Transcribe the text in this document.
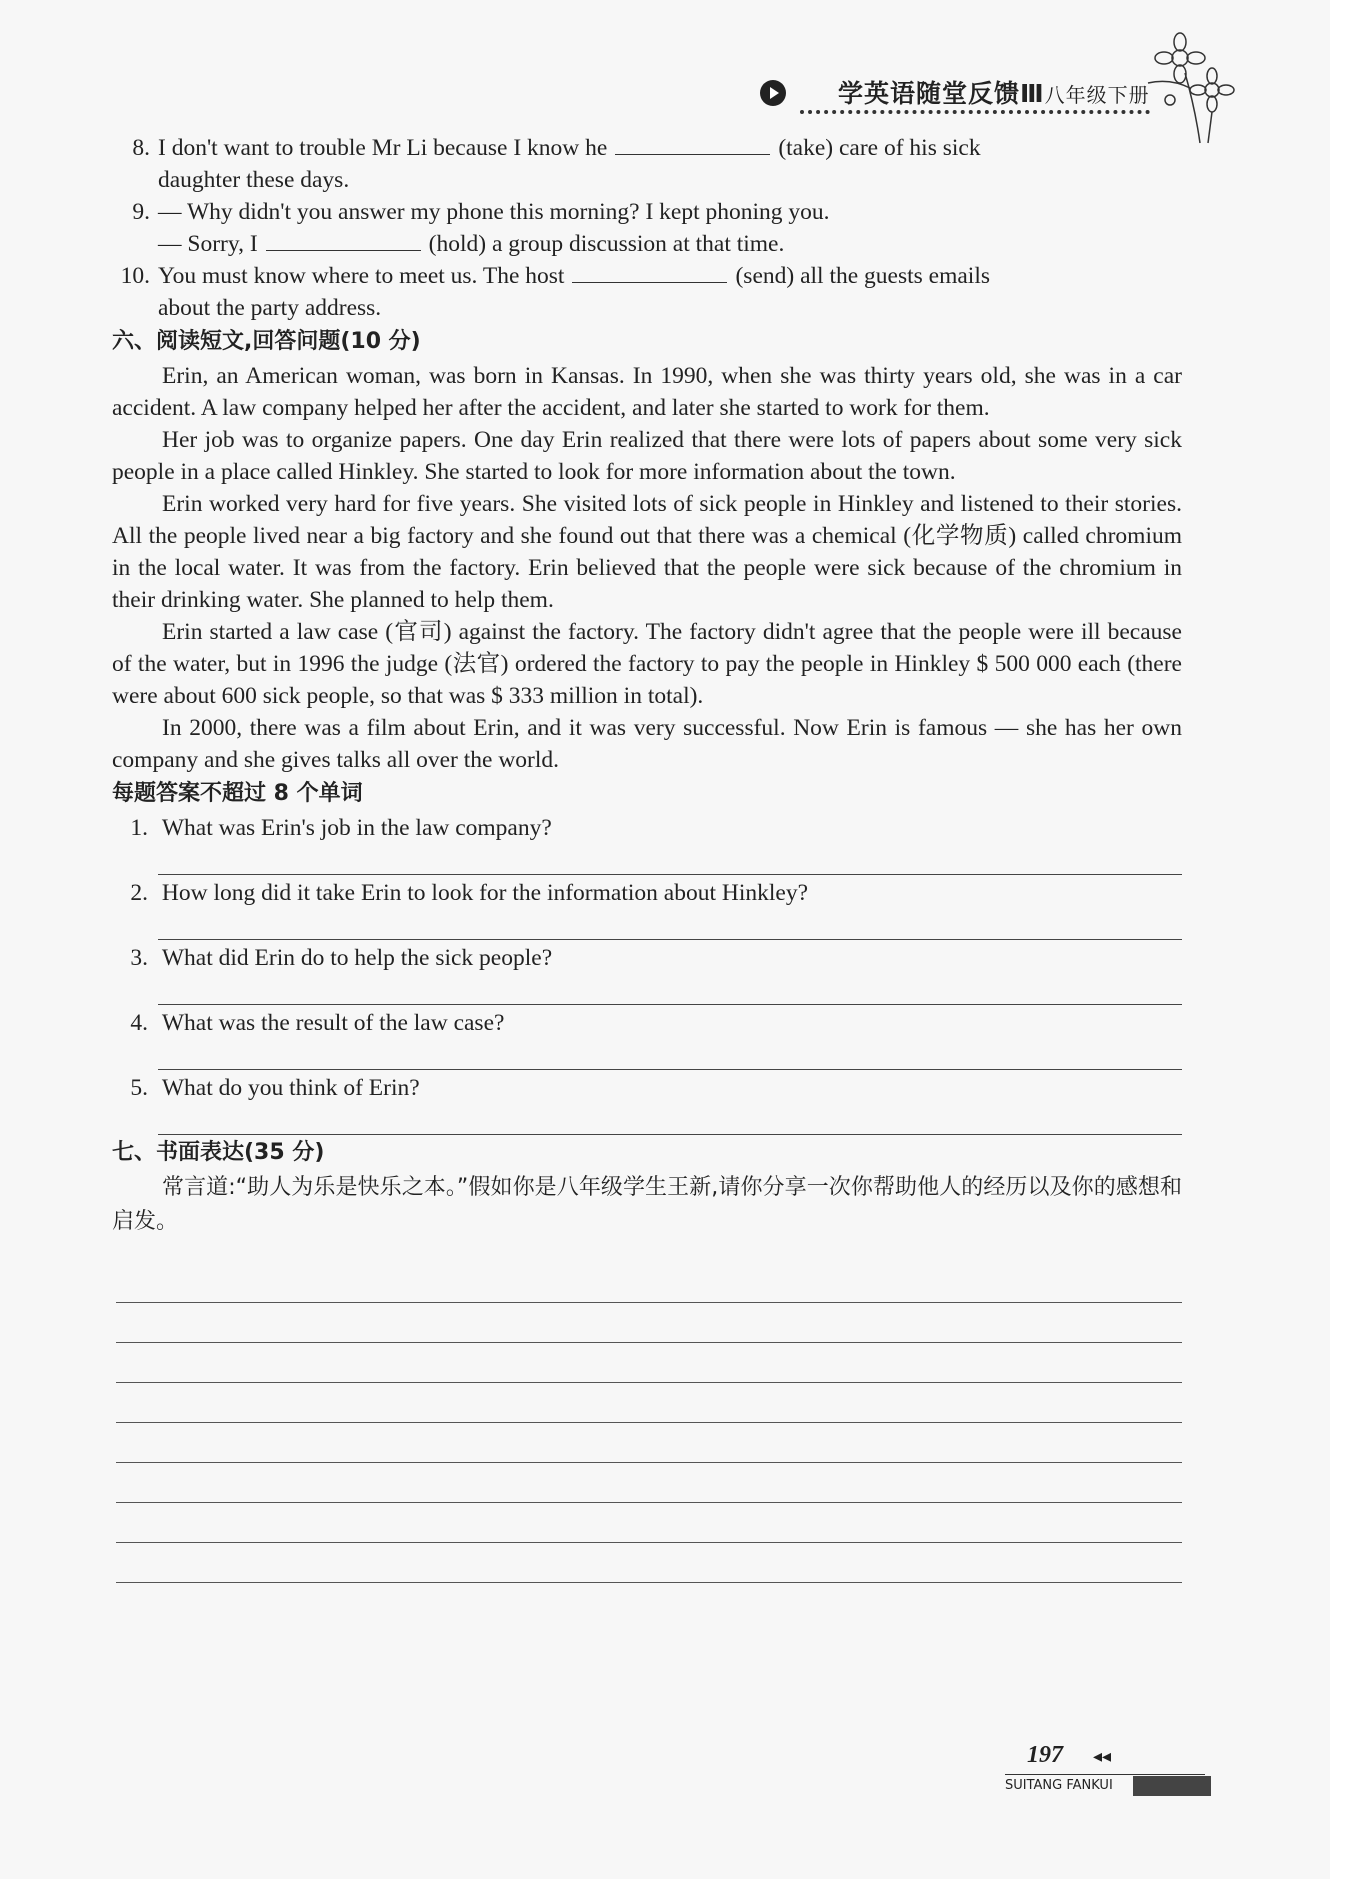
学英语随堂反馈Ⅲ八年级下册
8. I don't want to trouble Mr Li because I know he	(take) care of his sick
daughter these days.
9. — Why didn't you answer my phone this morning? I kept phoning you.
— Sorry, I	(hold) a group discussion at that time.
10. You must know where to meet us. The host	(send) all the guests emails
about the party address.
六、阅读短文,回答问题(10 分)

Erin, an American woman, was born in Kansas. In 1990, when she was thirty years old, she was in a car accident. A law company helped her after the accident, and later she started to work for them.

Her job was to organize papers. One day Erin realized that there were lots of papers about some very sick people in a place called Hinkley. She started to look for more information about the town.

Erin worked very hard for five years. She visited lots of sick people in Hinkley and listened to their stories. All the people lived near a big factory and she found out that there was a chemical (化学物质) called chromium in the local water. It was from the factory. Erin believed that the people were sick because of the chromium in their drinking water. She planned to help them.

Erin started a law case (官司) against the factory. The factory didn't agree that the people were ill because of the water, but in 1996 the judge (法官) ordered the factory to pay the people in Hinkley $ 500 000 each (there were about 600 sick people, so that was $ 333 million in total).

In 2000, there was a film about Erin, and it was very successful. Now Erin is famous — she has her own company and she gives talks all over the world.

每题答案不超过 8 个单词
1.
What was Erin's job in the law company?
2.
How long did it take Erin to look for the information about Hinkley?
3.
What did Erin do to help the sick people?
4.
What was the result of the law case?
5.
What do you think of Erin?
七、书面表达(35 分)

常言道:“助人为乐是快乐之本。”假如你是八年级学生王新,请你分享一次你帮助他人的经历以及你的感想和启发。

197 ◂◂
SUITANG FANKUI
